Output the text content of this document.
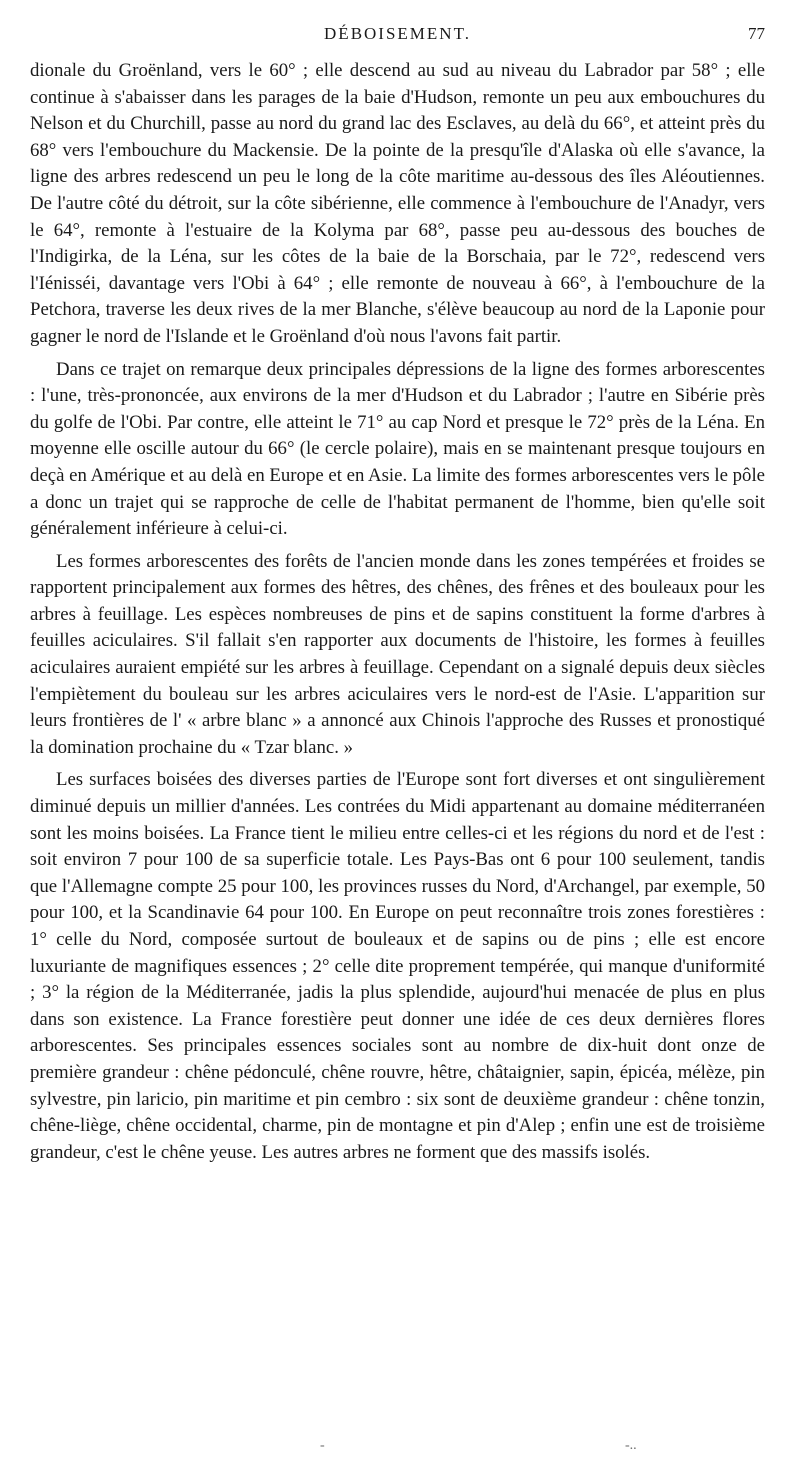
DÉBOISEMENT.	77

dionale du Groënland, vers le 60° ; elle descend au sud au niveau du Labrador par 58° ; elle continue à s'abaisser dans les parages de la baie d'Hudson, remonte un peu aux embouchures du Nelson et du Churchill, passe au nord du grand lac des Esclaves, au delà du 66°, et atteint près du 68° vers l'embouchure du Mackensie. De la pointe de la presqu'île d'Alaska où elle s'avance, la ligne des arbres redescend un peu le long de la côte maritime au-dessous des îles Aléoutiennes. De l'autre côté du détroit, sur la côte sibérienne, elle commence à l'embouchure de l'Anadyr, vers le 64°, remonte à l'estuaire de la Kolyma par 68°, passe peu au-dessous des bouches de l'Indigirka, de la Léna, sur les côtes de la baie de la Borschaia, par le 72°, redescend vers l'Iénisséi, davantage vers l'Obi à 64° ; elle remonte de nouveau à 66°, à l'embouchure de la Petchora, traverse les deux rives de la mer Blanche, s'élève beaucoup au nord de la Laponie pour gagner le nord de l'Islande et le Groënland d'où nous l'avons fait partir.

Dans ce trajet on remarque deux principales dépressions de la ligne des formes arborescentes : l'une, très-prononcée, aux environs de la mer d'Hudson et du Labrador ; l'autre en Sibérie près du golfe de l'Obi. Par contre, elle atteint le 71° au cap Nord et presque le 72° près de la Léna. En moyenne elle oscille autour du 66° (le cercle polaire), mais en se maintenant presque toujours en deçà en Amérique et au delà en Europe et en Asie. La limite des formes arborescentes vers le pôle a donc un trajet qui se rapproche de celle de l'habitat permanent de l'homme, bien qu'elle soit généralement inférieure à celui-ci.

Les formes arborescentes des forêts de l'ancien monde dans les zones tempérées et froides se rapportent principalement aux formes des hêtres, des chênes, des frênes et des bouleaux pour les arbres à feuillage. Les espèces nombreuses de pins et de sapins constituent la forme d'arbres à feuilles aciculaires. S'il fallait s'en rapporter aux documents de l'histoire, les formes à feuilles aciculaires auraient empiété sur les arbres à feuillage. Cependant on a signalé depuis deux siècles l'empiètement du bouleau sur les arbres aciculaires vers le nord-est de l'Asie. L'apparition sur leurs frontières de l' « arbre blanc » a annoncé aux Chinois l'approche des Russes et pronostiqué la domination prochaine du « Tzar blanc. »

Les surfaces boisées des diverses parties de l'Europe sont fort diverses et ont singulièrement diminué depuis un millier d'années. Les contrées du Midi appartenant au domaine méditerranéen sont les moins boisées. La France tient le milieu entre celles-ci et les régions du nord et de l'est : soit environ 7 pour 100 de sa superficie totale. Les Pays-Bas ont 6 pour 100 seulement, tandis que l'Allemagne compte 25 pour 100, les provinces russes du Nord, d'Archangel, par exemple, 50 pour 100, et la Scandinavie 64 pour 100. En Europe on peut reconnaître trois zones forestières : 1° celle du Nord, composée surtout de bouleaux et de sapins ou de pins ; elle est encore luxuriante de magnifiques essences ; 2° celle dite proprement tempérée, qui manque d'uniformité ; 3° la région de la Méditerranée, jadis la plus splendide, aujourd'hui menacée de plus en plus dans son existence. La France forestière peut donner une idée de ces deux dernières flores arborescentes. Ses principales essences sociales sont au nombre de dix-huit dont onze de première grandeur : chêne pédonculé, chêne rouvre, hêtre, châtaignier, sapin, épicéa, mélèze, pin sylvestre, pin laricio, pin maritime et pin cembro : six sont de deuxième grandeur : chêne tonzin, chêne-liège, chêne occidental, charme, pin de montagne et pin d'Alep ; enfin une est de troisième grandeur, c'est le chêne yeuse. Les autres arbres ne forment que des massifs isolés.

-	-..
